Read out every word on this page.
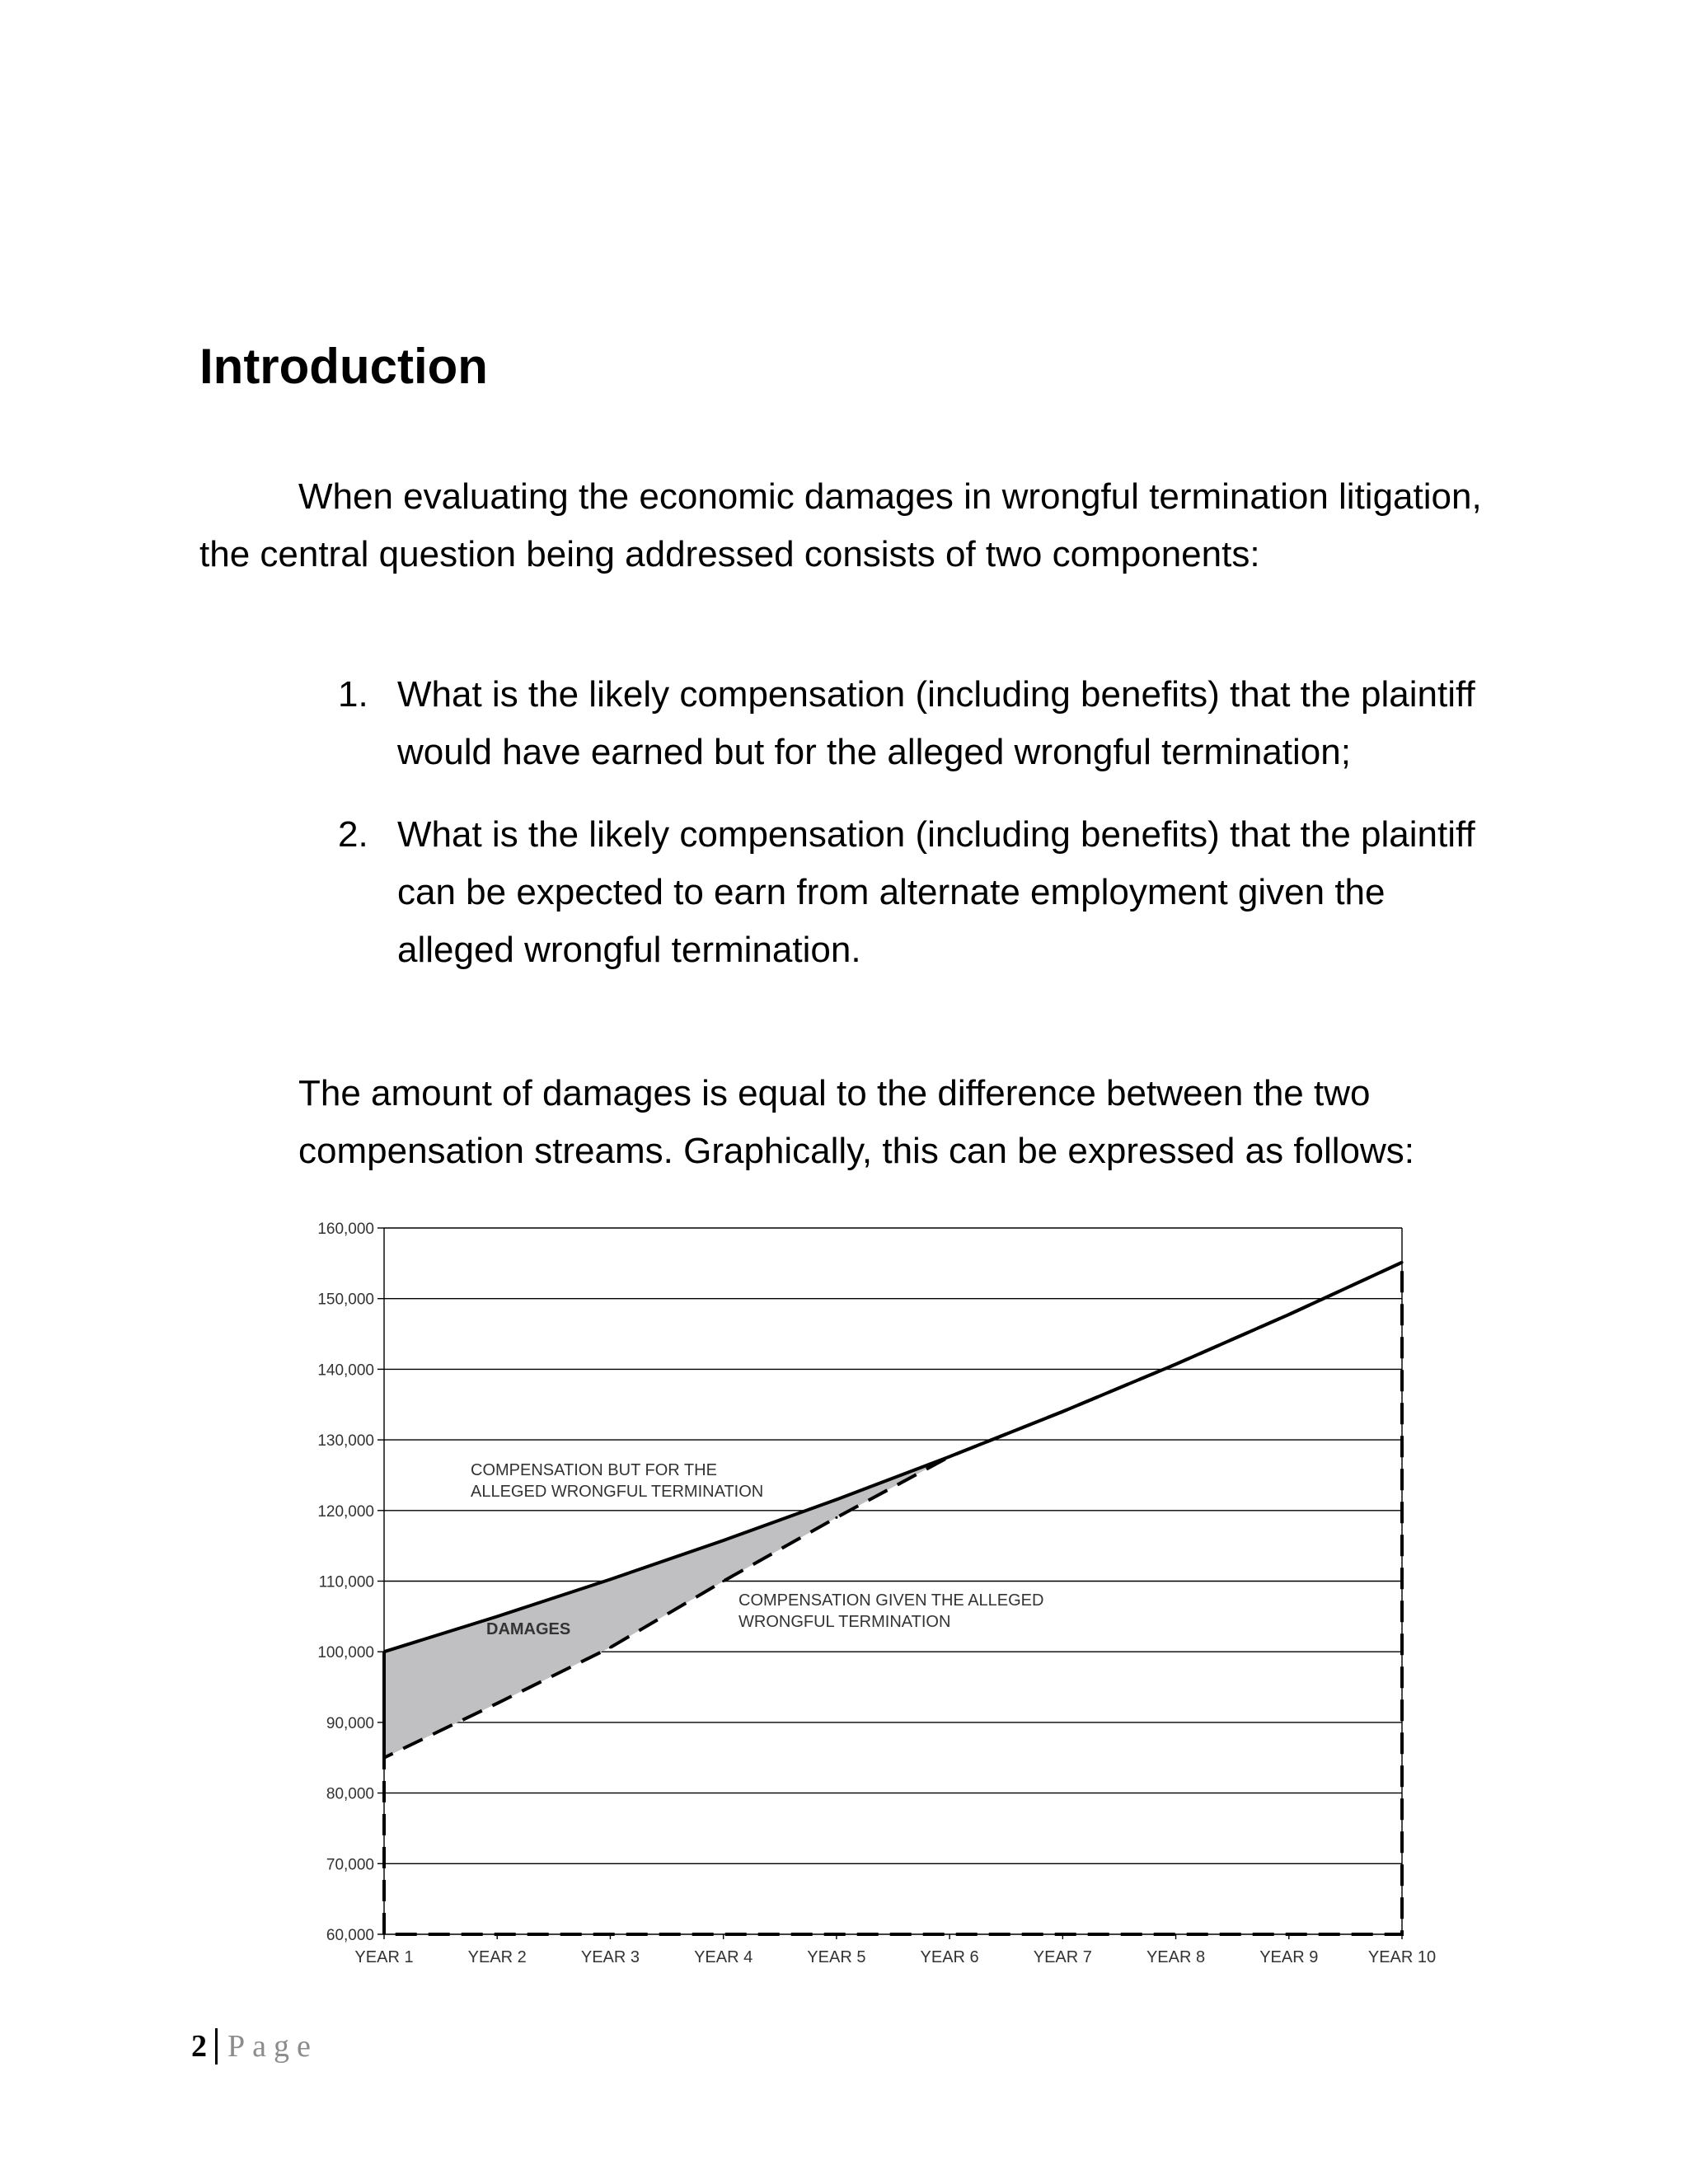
Introduction

When evaluating the economic damages in wrongful termination litigation, the central question being addressed consists of two components:

1. What is the likely compensation (including benefits) that the plaintiff would have earned but for the alleged wrongful termination;
2. What is the likely compensation (including benefits) that the plaintiff can be expected to earn from alternate employment given the alleged wrongful termination.

The amount of damages is equal to the difference between the two compensation streams. Graphically, this can be expressed as follows:

60,000
70,000
80,000
90,000
100,000
110,000
120,000
130,000
140,000
150,000
160,000
YEAR 1	YEAR 2	YEAR 3	YEAR 4	YEAR 5	YEAR 6	YEAR 7	YEAR 8	YEAR 9	YEAR 10
COMPENSATION BUT FOR THE
ALLEGED WRONGFUL TERMINATION
COMPENSATION GIVEN THE ALLEGED
WRONGFUL TERMINATION
DAMAGES
2 Page
